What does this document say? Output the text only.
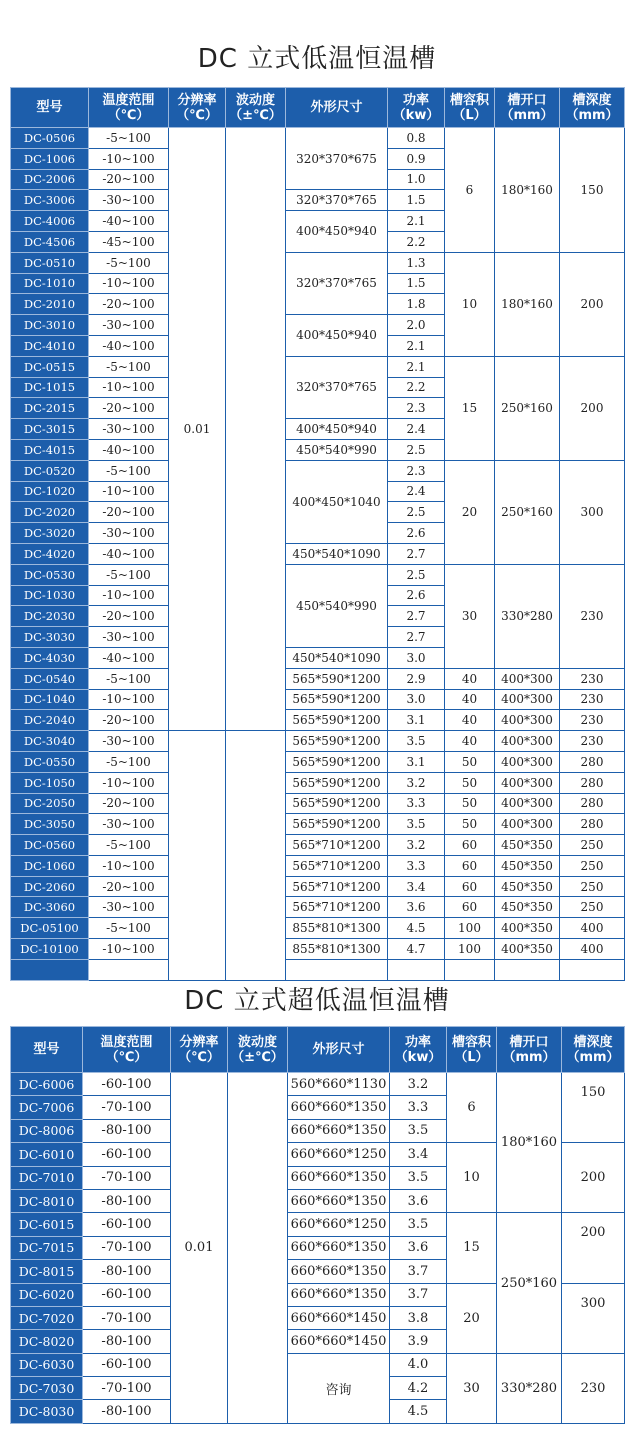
DC 立式低温恒温槽
型号	温度范围
（℃）	分辨率
（℃）	波动度
（±℃）	外形尺寸	功率
（kw）	槽容积
（L）	槽开口
（mm）	槽深度
（mm）
DC-0506	-5~100	0.01		320*370*675	0.8	6	180*160	150
DC-1006	-10~100				0.9			
DC-2006	-20~100				1.0			
DC-3006	-30~100			320*370*765	1.5			
DC-4006	-40~100			400*450*940	2.1			
DC-4506	-45~100				2.2			
DC-0510	-5~100			320*370*765	1.3	10	180*160	200
DC-1010	-10~100				1.5			
DC-2010	-20~100				1.8			
DC-3010	-30~100			400*450*940	2.0			
DC-4010	-40~100				2.1			
DC-0515	-5~100			320*370*765	2.1	15	250*160	200
DC-1015	-10~100				2.2			
DC-2015	-20~100				2.3			
DC-3015	-30~100			400*450*940	2.4			
DC-4015	-40~100			450*540*990	2.5			
DC-0520	-5~100			400*450*1040	2.3	20	250*160	300
DC-1020	-10~100				2.4			
DC-2020	-20~100				2.5			
DC-3020	-30~100				2.6			
DC-4020	-40~100			450*540*1090	2.7			
DC-0530	-5~100			450*540*990	2.5	30	330*280	230
DC-1030	-10~100				2.6			
DC-2030	-20~100				2.7			
DC-3030	-30~100				2.7			
DC-4030	-40~100			450*540*1090	3.0			
DC-0540	-5~100			565*590*1200	2.9	40	400*300	230
DC-1040	-10~100			565*590*1200	3.0	40	400*300	230
DC-2040	-20~100			565*590*1200	3.1	40	400*300	230
DC-3040	-30~100			565*590*1200	3.5	40	400*300	230
DC-0550	-5~100			565*590*1200	3.1	50	400*300	280
DC-1050	-10~100			565*590*1200	3.2	50	400*300	280
DC-2050	-20~100			565*590*1200	3.3	50	400*300	280
DC-3050	-30~100			565*590*1200	3.5	50	400*300	280
DC-0560	-5~100			565*710*1200	3.2	60	450*350	250
DC-1060	-10~100			565*710*1200	3.3	60	450*350	250
DC-2060	-20~100			565*710*1200	3.4	60	450*350	250
DC-3060	-30~100			565*710*1200	3.6	60	450*350	250
DC-05100	-5~100			855*810*1300	4.5	100	400*350	400
DC-10100	-10~100			855*810*1300	4.7	100	400*350	400

DC 立式超低温恒温槽
型号	温度范围
（℃）	分辨率
（℃）	波动度
（±℃）	外形尺寸	功率
（kw）	槽容积
（L）	槽开口
（mm）	槽深度
（mm）
DC-6006	-60-100	0.01		560*660*1130	3.2	6	180*160	150
DC-7006	-70-100			660*660*1350	3.3			
DC-8006	-80-100			660*660*1350	3.5			
DC-6010	-60-100			660*660*1250	3.4	10		200
DC-7010	-70-100			660*660*1350	3.5			
DC-8010	-80-100			660*660*1350	3.6			
DC-6015	-60-100			660*660*1250	3.5	15	250*160	200
DC-7015	-70-100			660*660*1350	3.6			
DC-8015	-80-100			660*660*1350	3.7			
DC-6020	-60-100			660*660*1350	3.7	20		300
DC-7020	-70-100			660*660*1450	3.8			
DC-8020	-80-100			660*660*1450	3.9			
DC-6030	-60-100			咨询	4.0	30	330*280	230
DC-7030	-70-100				4.2			
DC-8030	-80-100				4.5			
